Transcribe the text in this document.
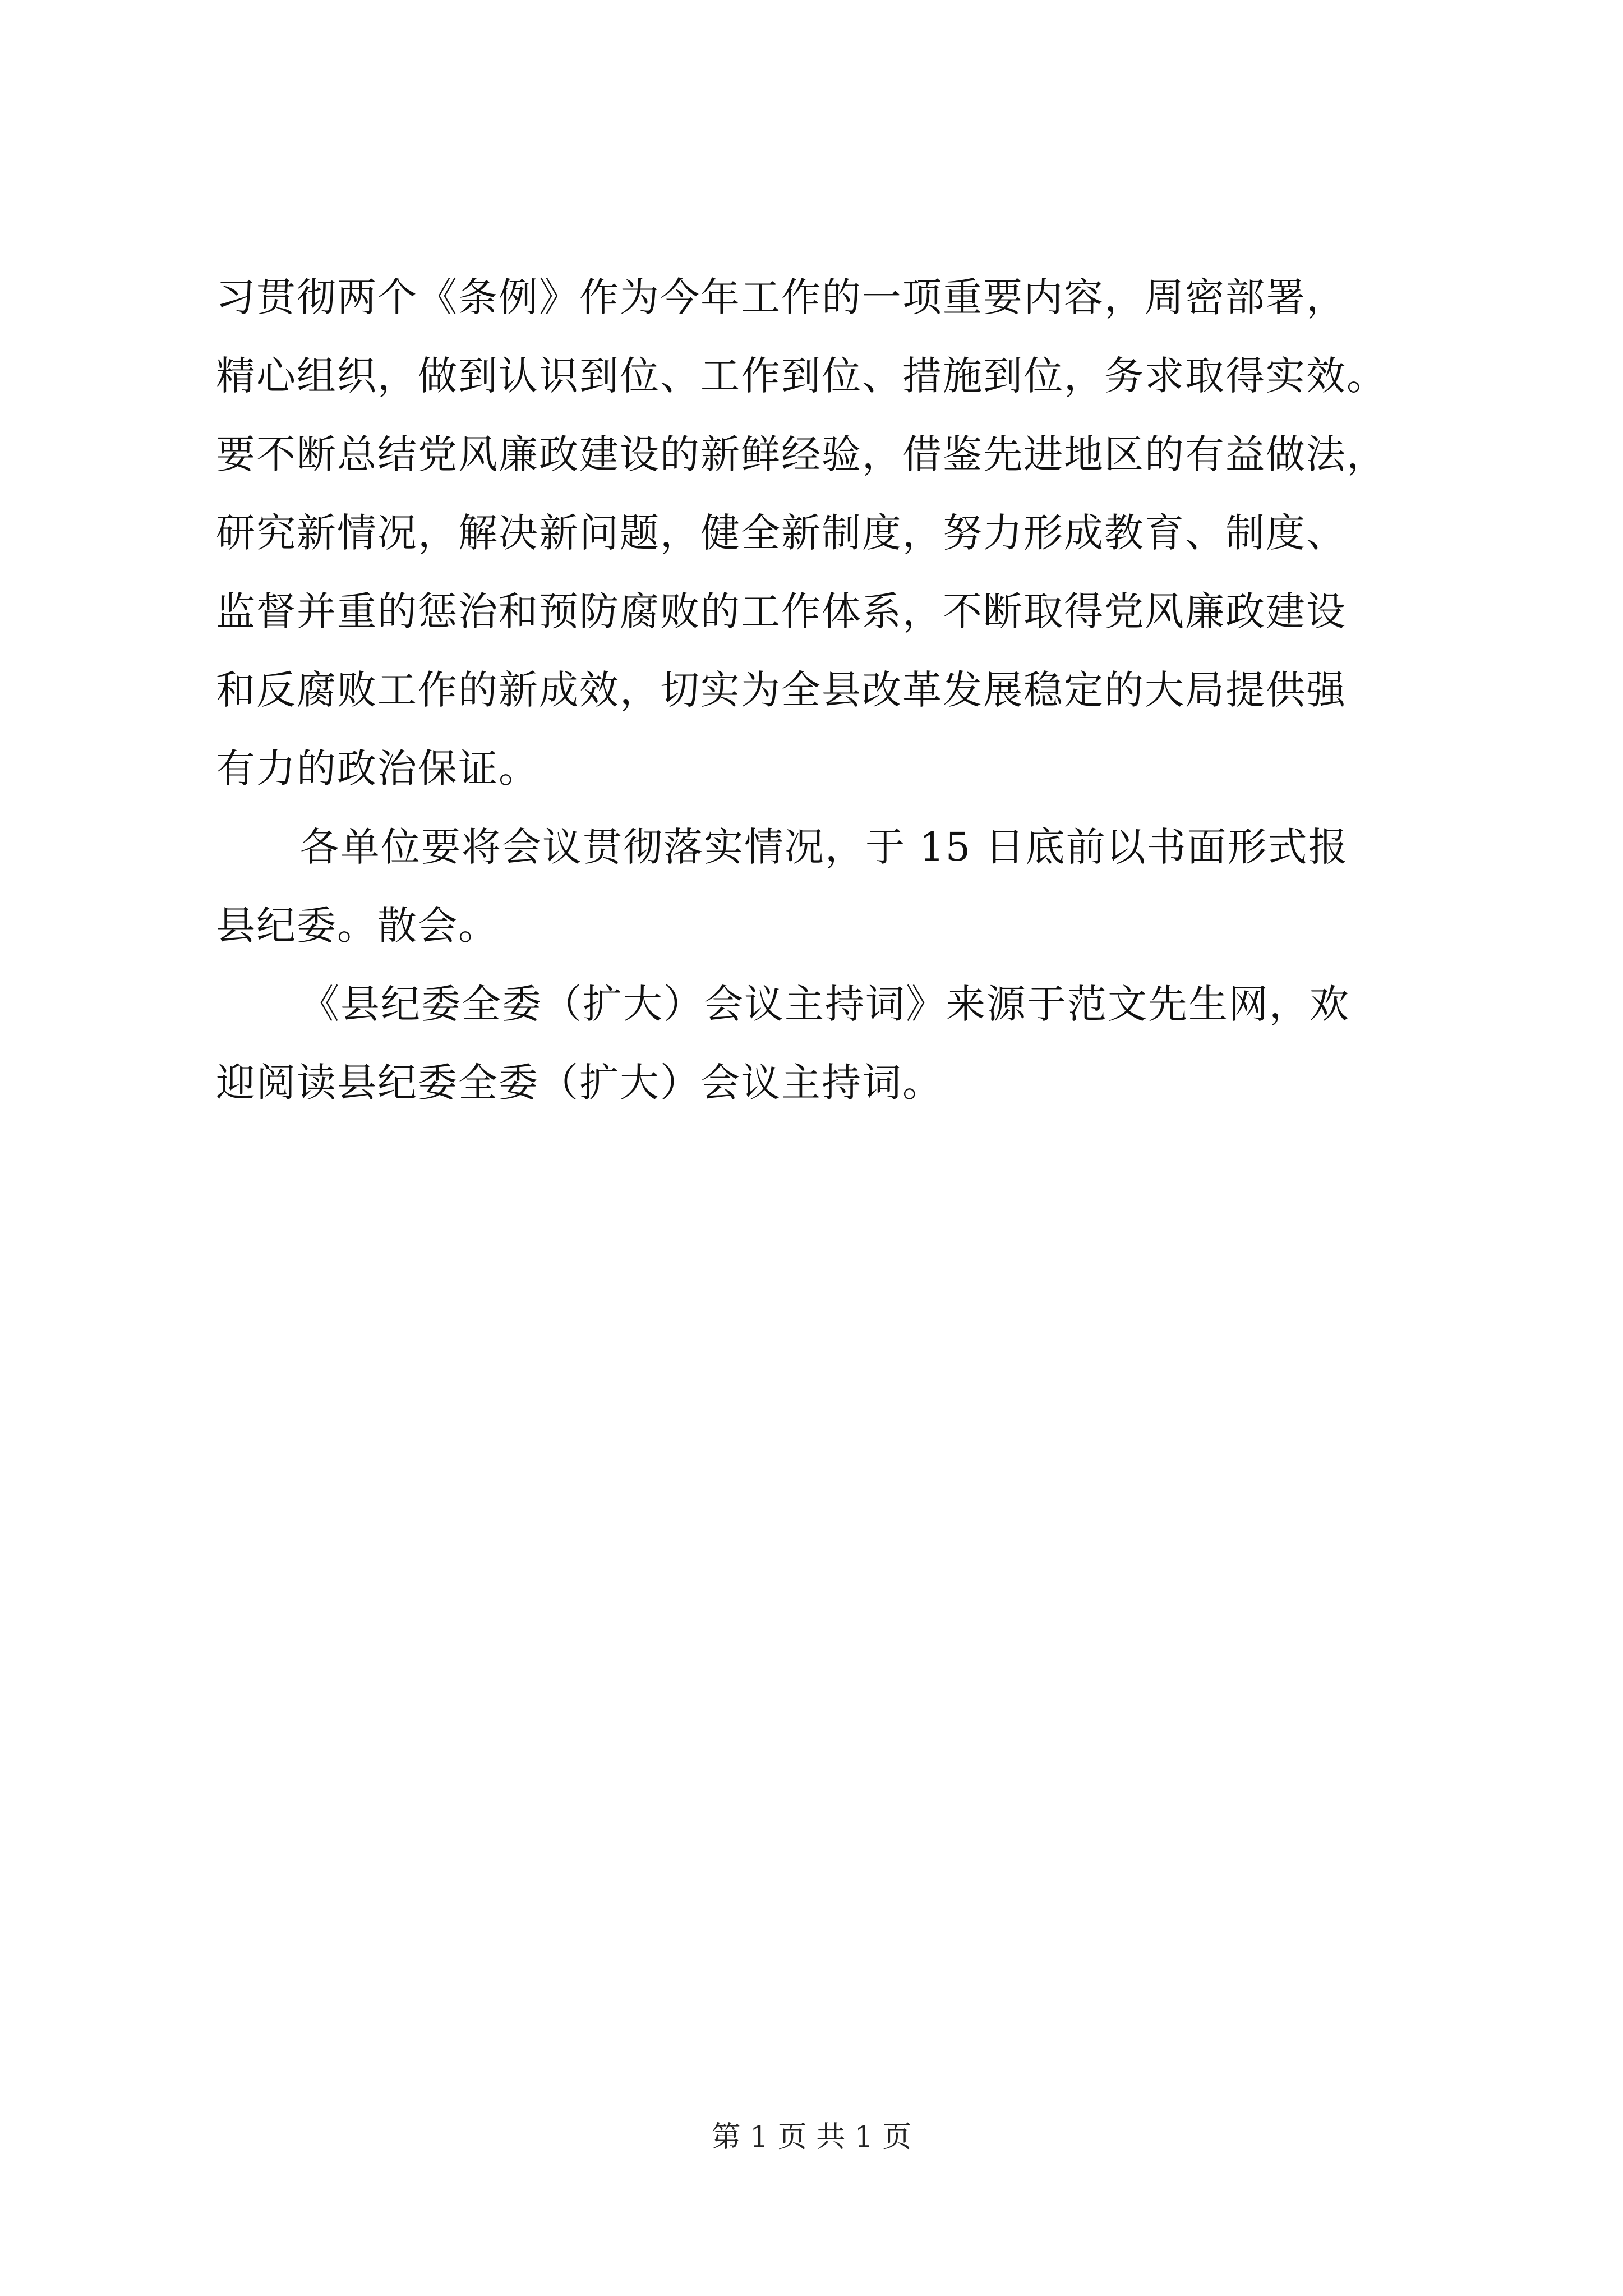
习贯彻两个《条例》作为今年工作的一项重要内容，周密部署，
精心组织，做到认识到位、工作到位、措施到位，务求取得实效。
要不断总结党风廉政建设的新鲜经验，借鉴先进地区的有益做法，
研究新情况，解决新问题，健全新制度，努力形成教育、制度、
监督并重的惩治和预防腐败的工作体系，不断取得党风廉政建设
和反腐败工作的新成效，切实为全县改革发展稳定的大局提供强
有力的政治保证。
各单位要将会议贯彻落实情况，于 15 日底前以书面形式报
县纪委。散会。
《县纪委全委（扩大）会议主持词》来源于范文先生网，欢
迎阅读县纪委全委（扩大）会议主持词。
第 1 页 共 1 页
